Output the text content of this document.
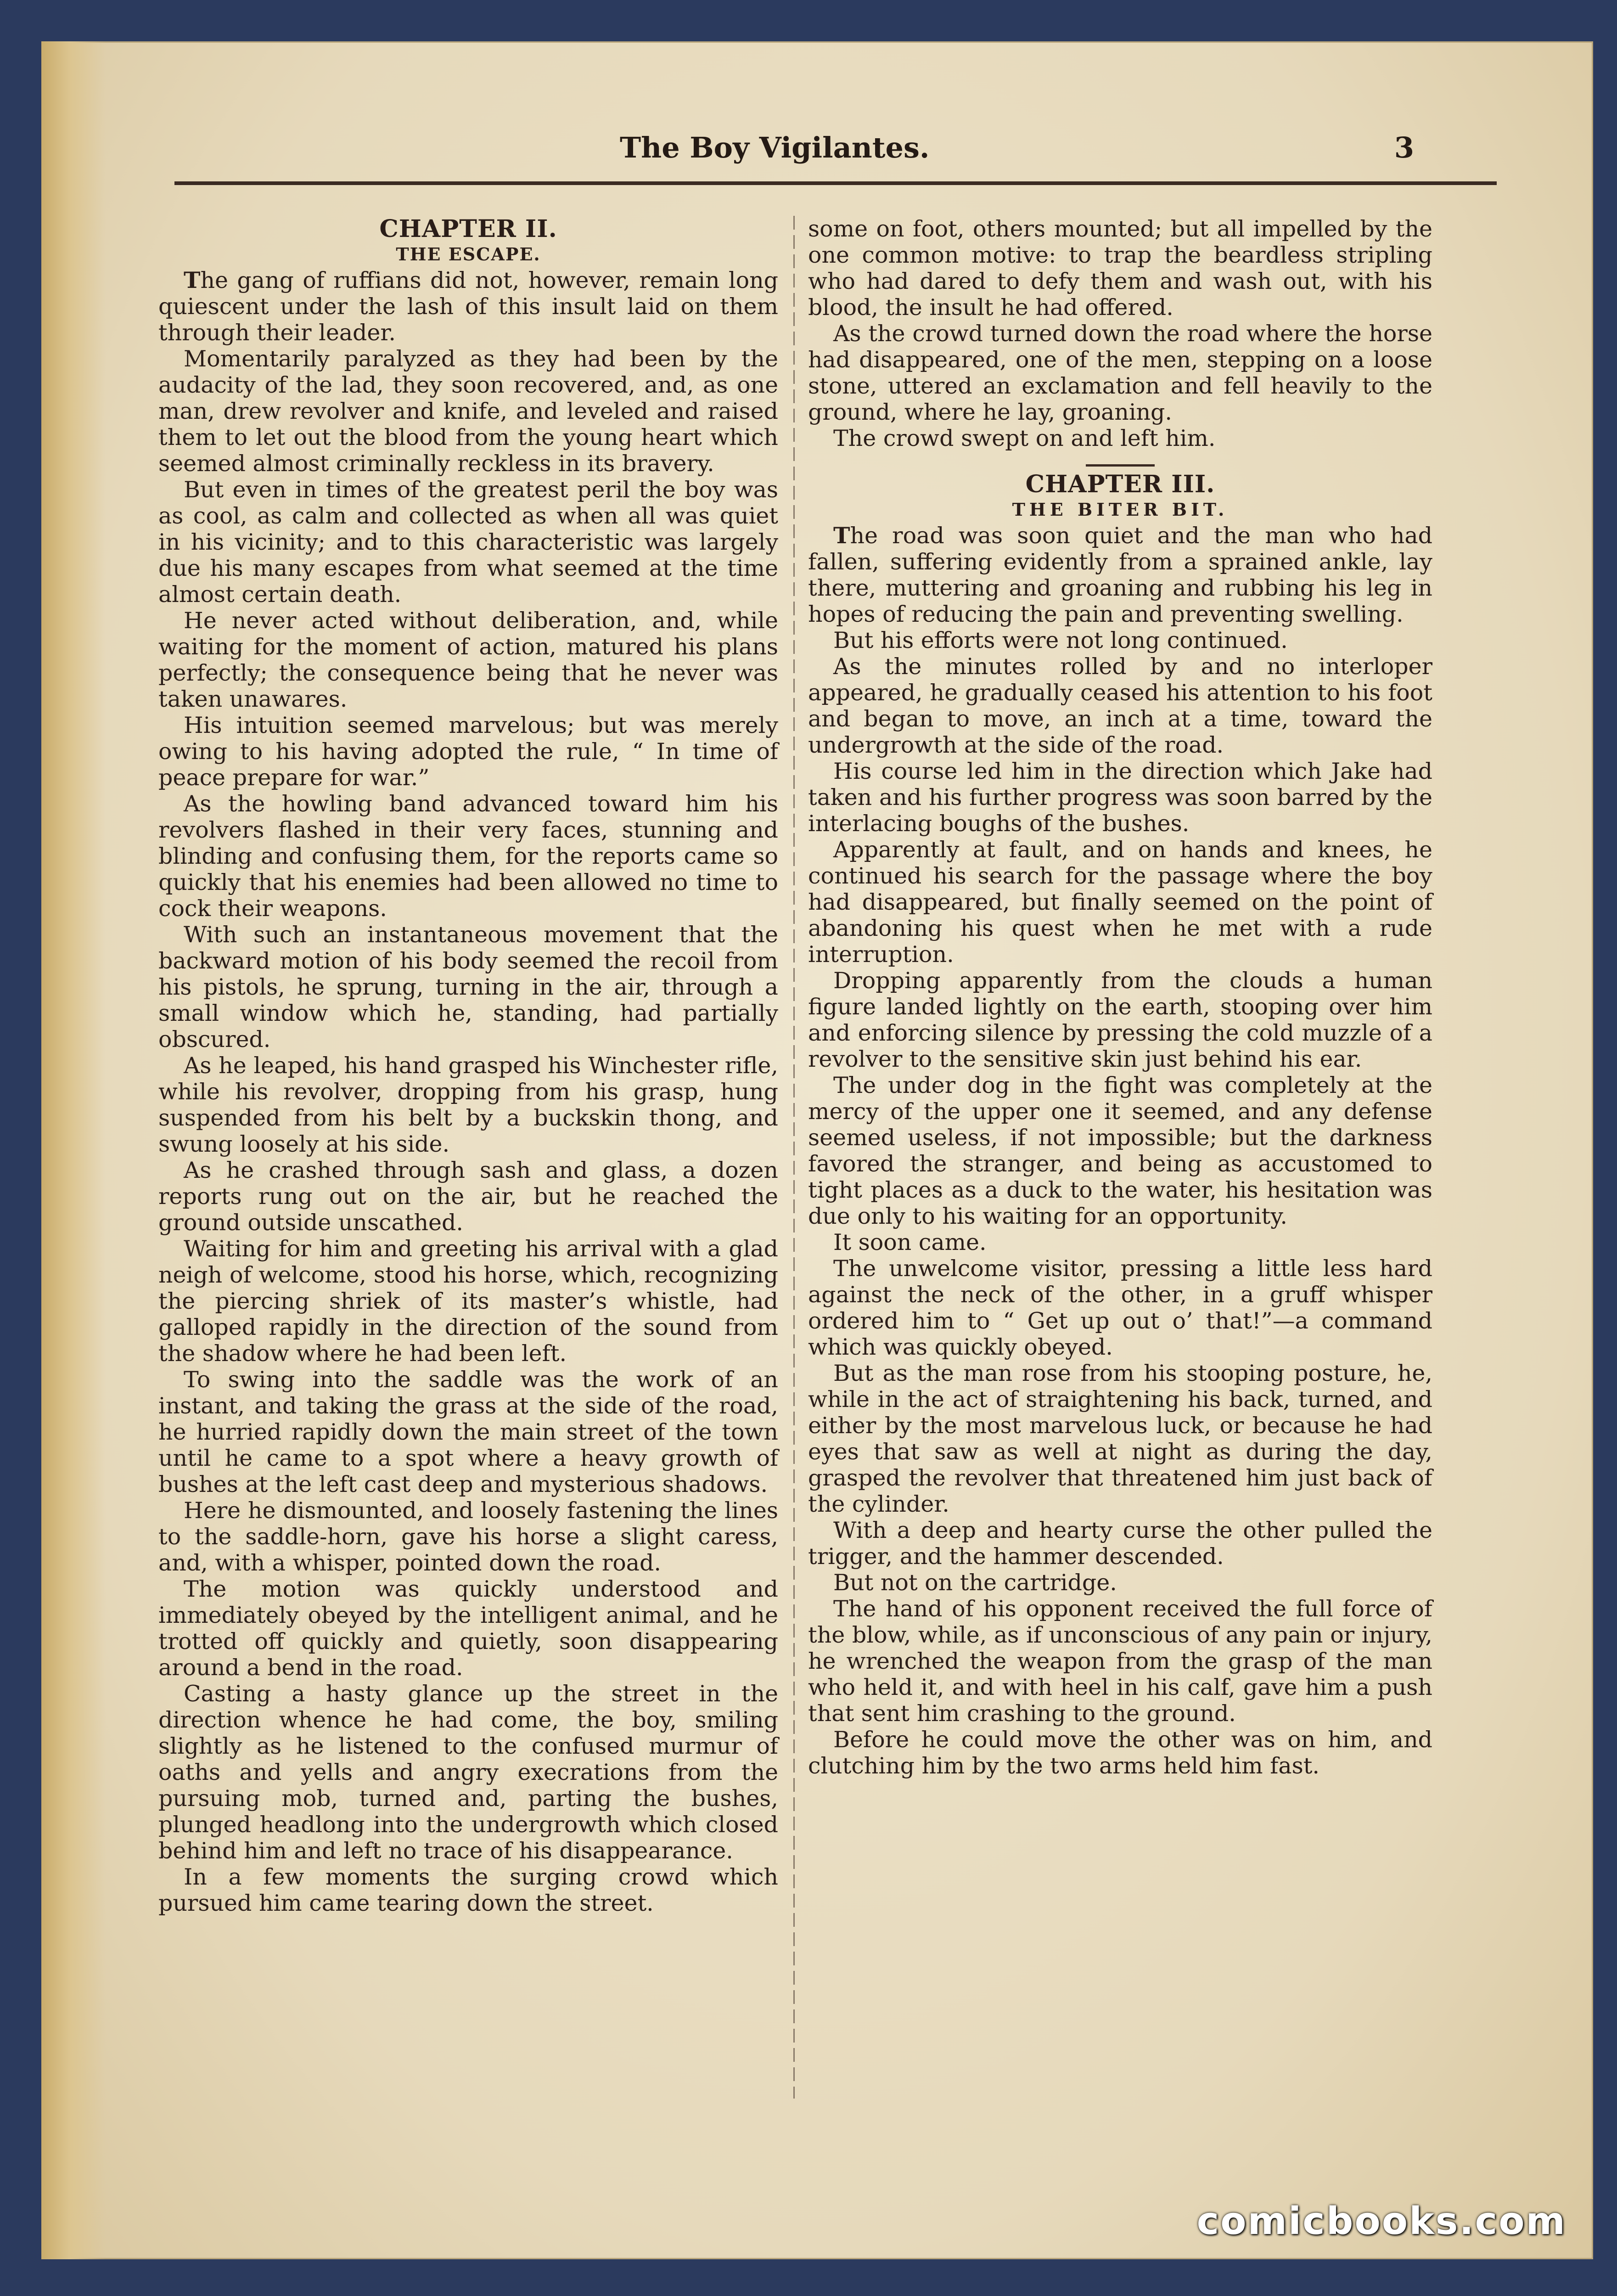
The Boy Vigilantes.	3
CHAPTER II.
THE ESCAPE.

The gang of ruffians did not, however, remain long quiescent under the lash of this insult laid on them through their leader.

Momentarily paralyzed as they had been by the audacity of the lad, they soon recovered, and, as one man, drew revolver and knife, and leveled and raised them to let out the blood from the young heart which seemed almost criminally reckless in its bravery.

But even in times of the greatest peril the boy was as cool, as calm and collected as when all was quiet in his vicinity; and to this characteristic was largely due his many escapes from what seemed at the time almost certain death.

He never acted without deliberation, and, while waiting for the moment of action, matured his plans perfectly; the consequence being that he never was taken unawares.

His intuition seemed marvelous; but was merely owing to his having adopted the rule, “ In time of peace prepare for war.”

As the howling band advanced toward him his revolvers flashed in their very faces, stunning and blinding and confusing them, for the reports came so quickly that his enemies had been allowed no time to cock their weapons.

With such an instantaneous movement that the backward motion of his body seemed the recoil from his pistols, he sprung, turning in the air, through a small window which he, standing, had partially obscured.

As he leaped, his hand grasped his Winchester rifle, while his revolver, dropping from his grasp, hung suspended from his belt by a buckskin thong, and swung loosely at his side.

As he crashed through sash and glass, a dozen reports rung out on the air, but he reached the ground outside unscathed.

Waiting for him and greeting his arrival with a glad neigh of welcome, stood his horse, which, recognizing the piercing shriek of its master’s whistle, had galloped rapidly in the direction of the sound from the shadow where he had been left.

To swing into the saddle was the work of an instant, and taking the grass at the side of the road, he hurried rapidly down the main street of the town until he came to a spot where a heavy growth of bushes at the left cast deep and mysterious shadows.

Here he dismounted, and loosely fastening the lines to the saddle-horn, gave his horse a slight caress, and, with a whisper, pointed down the road.

The motion was quickly understood and immediately obeyed by the intelligent animal, and he trotted off quickly and quietly, soon disappearing around a bend in the road.

Casting a hasty glance up the street in the direction whence he had come, the boy, smiling slightly as he listened to the confused murmur of oaths and yells and angry execrations from the pursuing mob, turned and, parting the bushes, plunged headlong into the undergrowth which closed behind him and left no trace of his disappearance.

In a few moments the surging crowd which pursued him came tearing down the street.

some on foot, others mounted; but all impelled by the one common motive: to trap the beardless stripling who had dared to defy them and wash out, with his blood, the insult he had offered.

As the crowd turned down the road where the horse had disappeared, one of the men, stepping on a loose stone, uttered an exclamation and fell heavily to the ground, where he lay, groaning.

The crowd swept on and left him.

CHAPTER III.
THE BITER BIT.

The road was soon quiet and the man who had fallen, suffering evidently from a sprained ankle, lay there, muttering and groaning and rubbing his leg in hopes of reducing the pain and preventing swelling.

But his efforts were not long continued.

As the minutes rolled by and no interloper appeared, he gradually ceased his attention to his foot and began to move, an inch at a time, toward the undergrowth at the side of the road.

His course led him in the direction which Jake had taken and his further progress was soon barred by the interlacing boughs of the bushes.

Apparently at fault, and on hands and knees, he continued his search for the passage where the boy had disappeared, but finally seemed on the point of abandoning his quest when he met with a rude interruption.

Dropping apparently from the clouds a human figure landed lightly on the earth, stooping over him and enforcing silence by pressing the cold muzzle of a revolver to the sensitive skin just behind his ear.

The under dog in the fight was completely at the mercy of the upper one it seemed, and any defense seemed useless, if not impossible; but the darkness favored the stranger, and being as accustomed to tight places as a duck to the water, his hesitation was due only to his waiting for an opportunity.

It soon came.

The unwelcome visitor, pressing a little less hard against the neck of the other, in a gruff whisper ordered him to “ Get up out o’ that!”—a command which was quickly obeyed.

But as the man rose from his stooping posture, he, while in the act of straightening his back, turned, and either by the most marvelous luck, or because he had eyes that saw as well at night as during the day, grasped the revolver that threatened him just back of the cylinder.

With a deep and hearty curse the other pulled the trigger, and the hammer descended.

But not on the cartridge.

The hand of his opponent received the full force of the blow, while, as if unconscious of any pain or injury, he wrenched the weapon from the grasp of the man who held it, and with heel in his calf, gave him a push that sent him crashing to the ground.

Before he could move the other was on him, and clutching him by the two arms held him fast.

comicbooks.com
